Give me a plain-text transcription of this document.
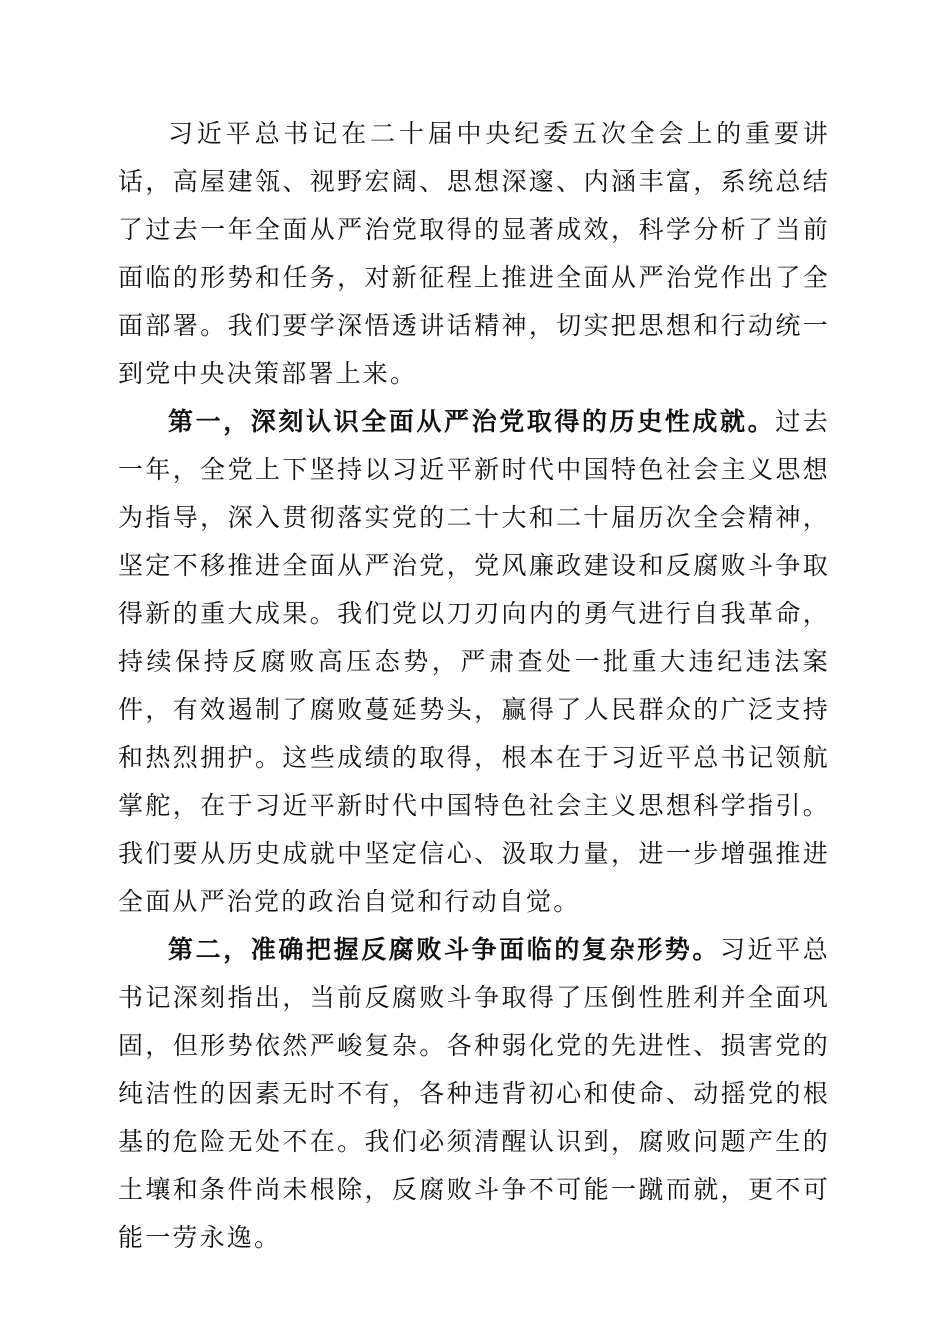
习近平总书记在二十届中央纪委五次全会上的重要讲话，高屋建瓴、视野宏阔、思想深邃、内涵丰富，系统总结了过去一年全面从严治党取得的显著成效，科学分析了当前面临的形势和任务，对新征程上推进全面从严治党作出了全面部署。我们要学深悟透讲话精神，切实把思想和行动统一到党中央决策部署上来。

第一，深刻认识全面从严治党取得的历史性成就。过去一年，全党上下坚持以习近平新时代中国特色社会主义思想为指导，深入贯彻落实党的二十大和二十届历次全会精神，坚定不移推进全面从严治党，党风廉政建设和反腐败斗争取得新的重大成果。我们党以刀刃向内的勇气进行自我革命，持续保持反腐败高压态势，严肃查处一批重大违纪违法案件，有效遏制了腐败蔓延势头，赢得了人民群众的广泛支持和热烈拥护。这些成绩的取得，根本在于习近平总书记领航掌舵，在于习近平新时代中国特色社会主义思想科学指引。我们要从历史成就中坚定信心、汲取力量，进一步增强推进全面从严治党的政治自觉和行动自觉。

第二，准确把握反腐败斗争面临的复杂形势。习近平总书记深刻指出，当前反腐败斗争取得了压倒性胜利并全面巩固，但形势依然严峻复杂。各种弱化党的先进性、损害党的纯洁性的因素无时不有，各种违背初心和使命、动摇党的根基的危险无处不在。我们必须清醒认识到，腐败问题产生的土壤和条件尚未根除，反腐败斗争不可能一蹴而就，更不可能一劳永逸。
